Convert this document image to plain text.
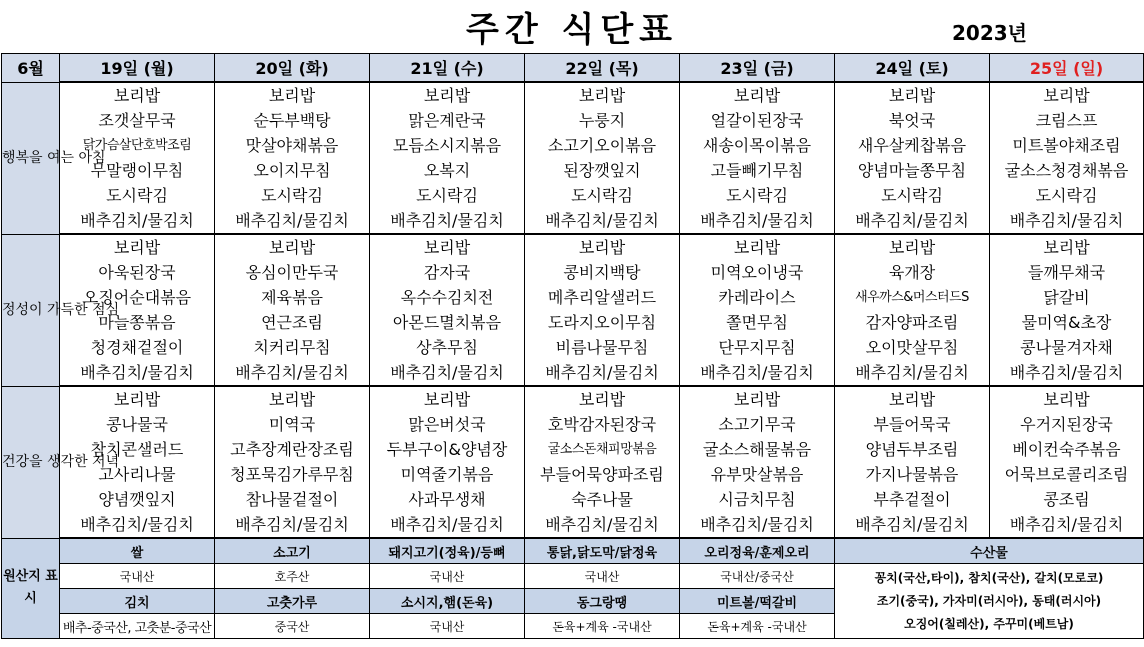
주간 식단표	2023년
6월	19일 (월)	20일 (화)	21일 (수)	22일 (목)	23일 (금)	24일 (토)	25일 (일)
행복을 여는 아침	보리밥	보리밥	보리밥	보리밥	보리밥	보리밥	보리밥
	조갯살무국	순두부백탕	맑은계란국	누룽지	얼갈이된장국	북엇국	크림스프
	닭가슴살단호박조림	맛살야채볶음	모듬소시지볶음	소고기오이볶음	새송이목이볶음	새우살케찹볶음	미트볼야채조림
	무말랭이무침	오이지무침	오복지	된장깻잎지	고들빼기무침	양념마늘쫑무침	굴소스청경채볶음
	도시락김	도시락김	도시락김	도시락김	도시락김	도시락김	도시락김
	배추김치/물김치	배추김치/물김치	배추김치/물김치	배추김치/물김치	배추김치/물김치	배추김치/물김치	배추김치/물김치
정성이 가득한 점심	보리밥	보리밥	보리밥	보리밥	보리밥	보리밥	보리밥
	아욱된장국	옹심이만두국	감자국	콩비지백탕	미역오이냉국	육개장	들깨무채국
	오징어순대볶음	제육볶음	옥수수김치전	메추리알샐러드	카레라이스	새우까스&머스터드S	닭갈비
	마늘쫑볶음	연근조림	아몬드멸치볶음	도라지오이무침	쫄면무침	감자양파조림	물미역&초장
	청경채겉절이	치커리무침	상추무침	비름나물무침	단무지무침	오이맛살무침	콩나물겨자채
	배추김치/물김치	배추김치/물김치	배추김치/물김치	배추김치/물김치	배추김치/물김치	배추김치/물김치	배추김치/물김치
건강을 생각한 저녁	보리밥	보리밥	보리밥	보리밥	보리밥	보리밥	보리밥
	콩나물국	미역국	맑은버섯국	호박감자된장국	소고기무국	부들어묵국	우거지된장국
	참치콘샐러드	고추장계란장조림	두부구이&양념장	굴소스돈채피망볶음	굴소스해물볶음	양념두부조림	베이컨숙주볶음
	고사리나물	청포묵김가루무침	미역줄기볶음	부들어묵양파조림	유부맛살볶음	가지나물볶음	어묵브로콜리조림
	양념깻잎지	참나물겉절이	사과무생채	숙주나물	시금치무침	부추겉절이	콩조림
	배추김치/물김치	배추김치/물김치	배추김치/물김치	배추김치/물김치	배추김치/물김치	배추김치/물김치	배추김치/물김치
원산지 표시	쌀	소고기	돼지고기(정육)/등뼈	통닭,닭도막/닭정육	오리정육/훈제오리	수산물	
	국내산	호주산	국내산	국내산	국내산/중국산	꽁치(국산,타이), 참치(국산), 갈치(모로코)
조기(중국), 가자미(러시아), 동태(러시아)
오징어(칠레산), 주꾸미(베트남)	

	김치	고춧가루	소시지,햄(돈육)	동그랑땡	미트볼/떡갈비		
	배추-중국산, 고춧분-중국산	중국산	국내산	돈육+계육 -국내산	돈육+계육 -국내산		
